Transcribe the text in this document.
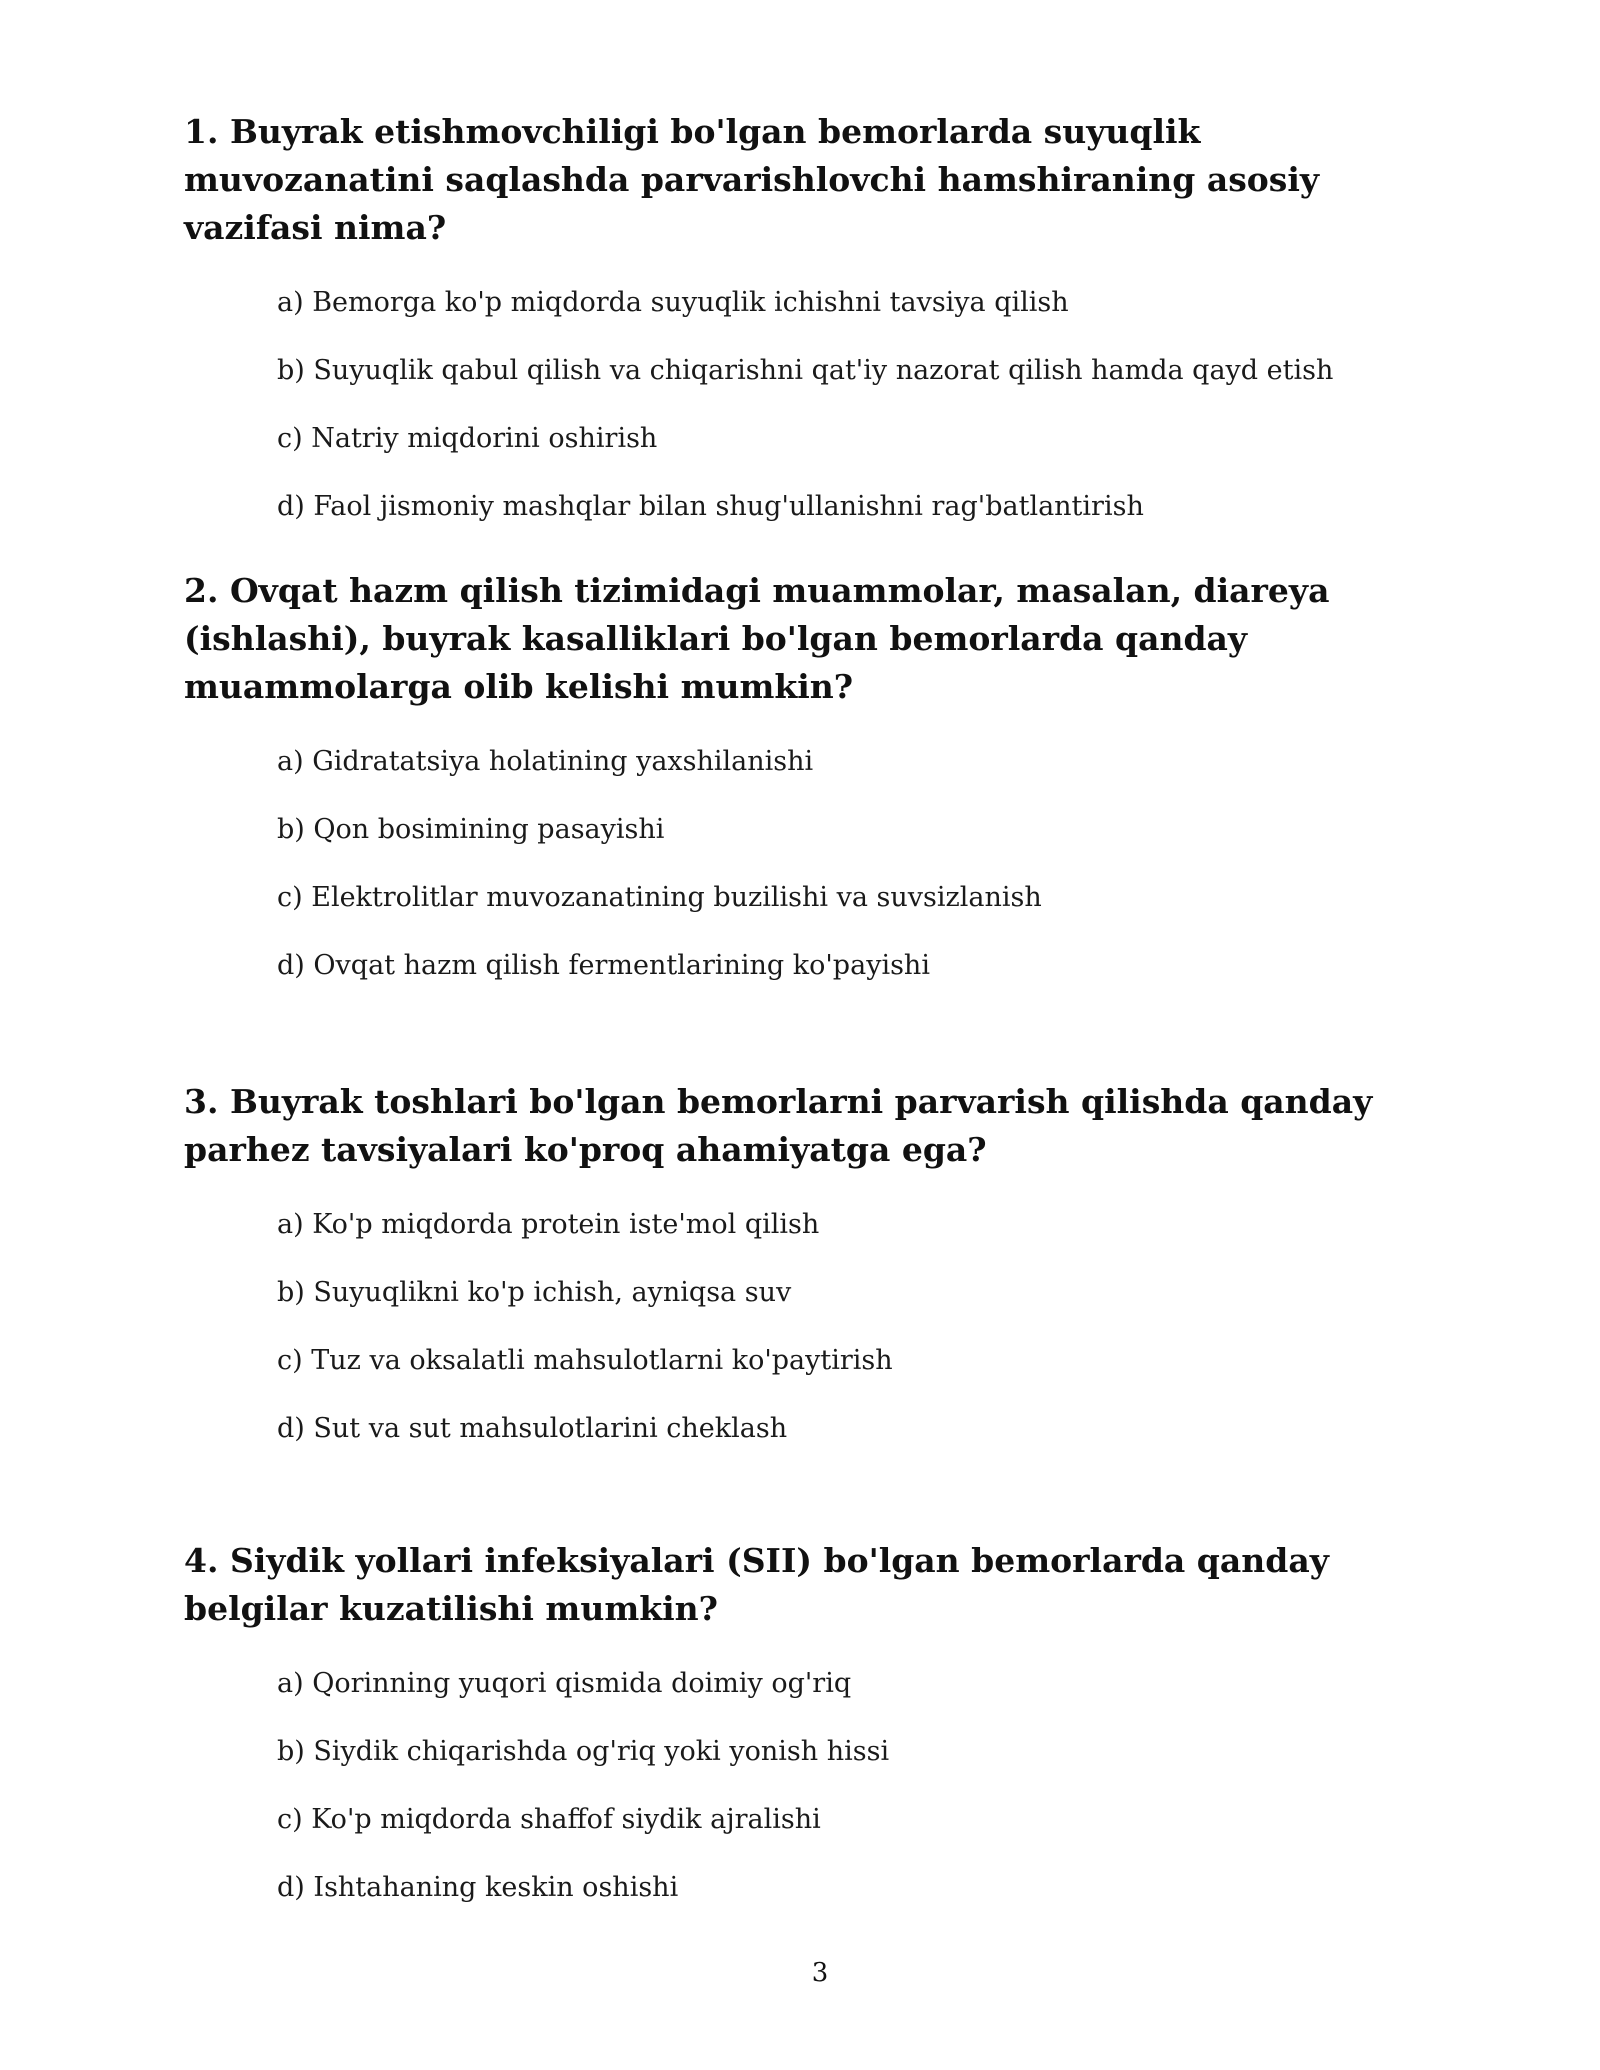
1. Buyrak etishmovchiligi bo'lgan bemorlarda suyuqlik muvozanatini saqlashda parvarishlovchi hamshiraning asosiy vazifasi nima?

a) Bemorga ko'p miqdorda suyuqlik ichishni tavsiya qilish
b) Suyuqlik qabul qilish va chiqarishni qat'iy nazorat qilish hamda qayd etish
c) Natriy miqdorini oshirish
d) Faol jismoniy mashqlar bilan shug'ullanishni rag'batlantirish

2. Ovqat hazm qilish tizimidagi muammolar, masalan, diareya (ishlashi), buyrak kasalliklari bo'lgan bemorlarda qanday muammolarga olib kelishi mumkin?

a) Gidratatsiya holatining yaxshilanishi
b) Qon bosimining pasayishi
c) Elektrolitlar muvozanatining buzilishi va suvsizlanish
d) Ovqat hazm qilish fermentlarining ko'payishi

3. Buyrak toshlari bo'lgan bemorlarni parvarish qilishda qanday parhez tavsiyalari ko'proq ahamiyatga ega?

a) Ko'p miqdorda protein iste'mol qilish
b) Suyuqlikni ko'p ichish, ayniqsa suv
c) Tuz va oksalatli mahsulotlarni ko'paytirish
d) Sut va sut mahsulotlarini cheklash

4. Siydik yollari infeksiyalari (SII) bo'lgan bemorlarda qanday belgilar kuzatilishi mumkin?

a) Qorinning yuqori qismida doimiy og'riq
b) Siydik chiqarishda og'riq yoki yonish hissi
c) Ko'p miqdorda shaffof siydik ajralishi
d) Ishtahaning keskin oshishi
3
